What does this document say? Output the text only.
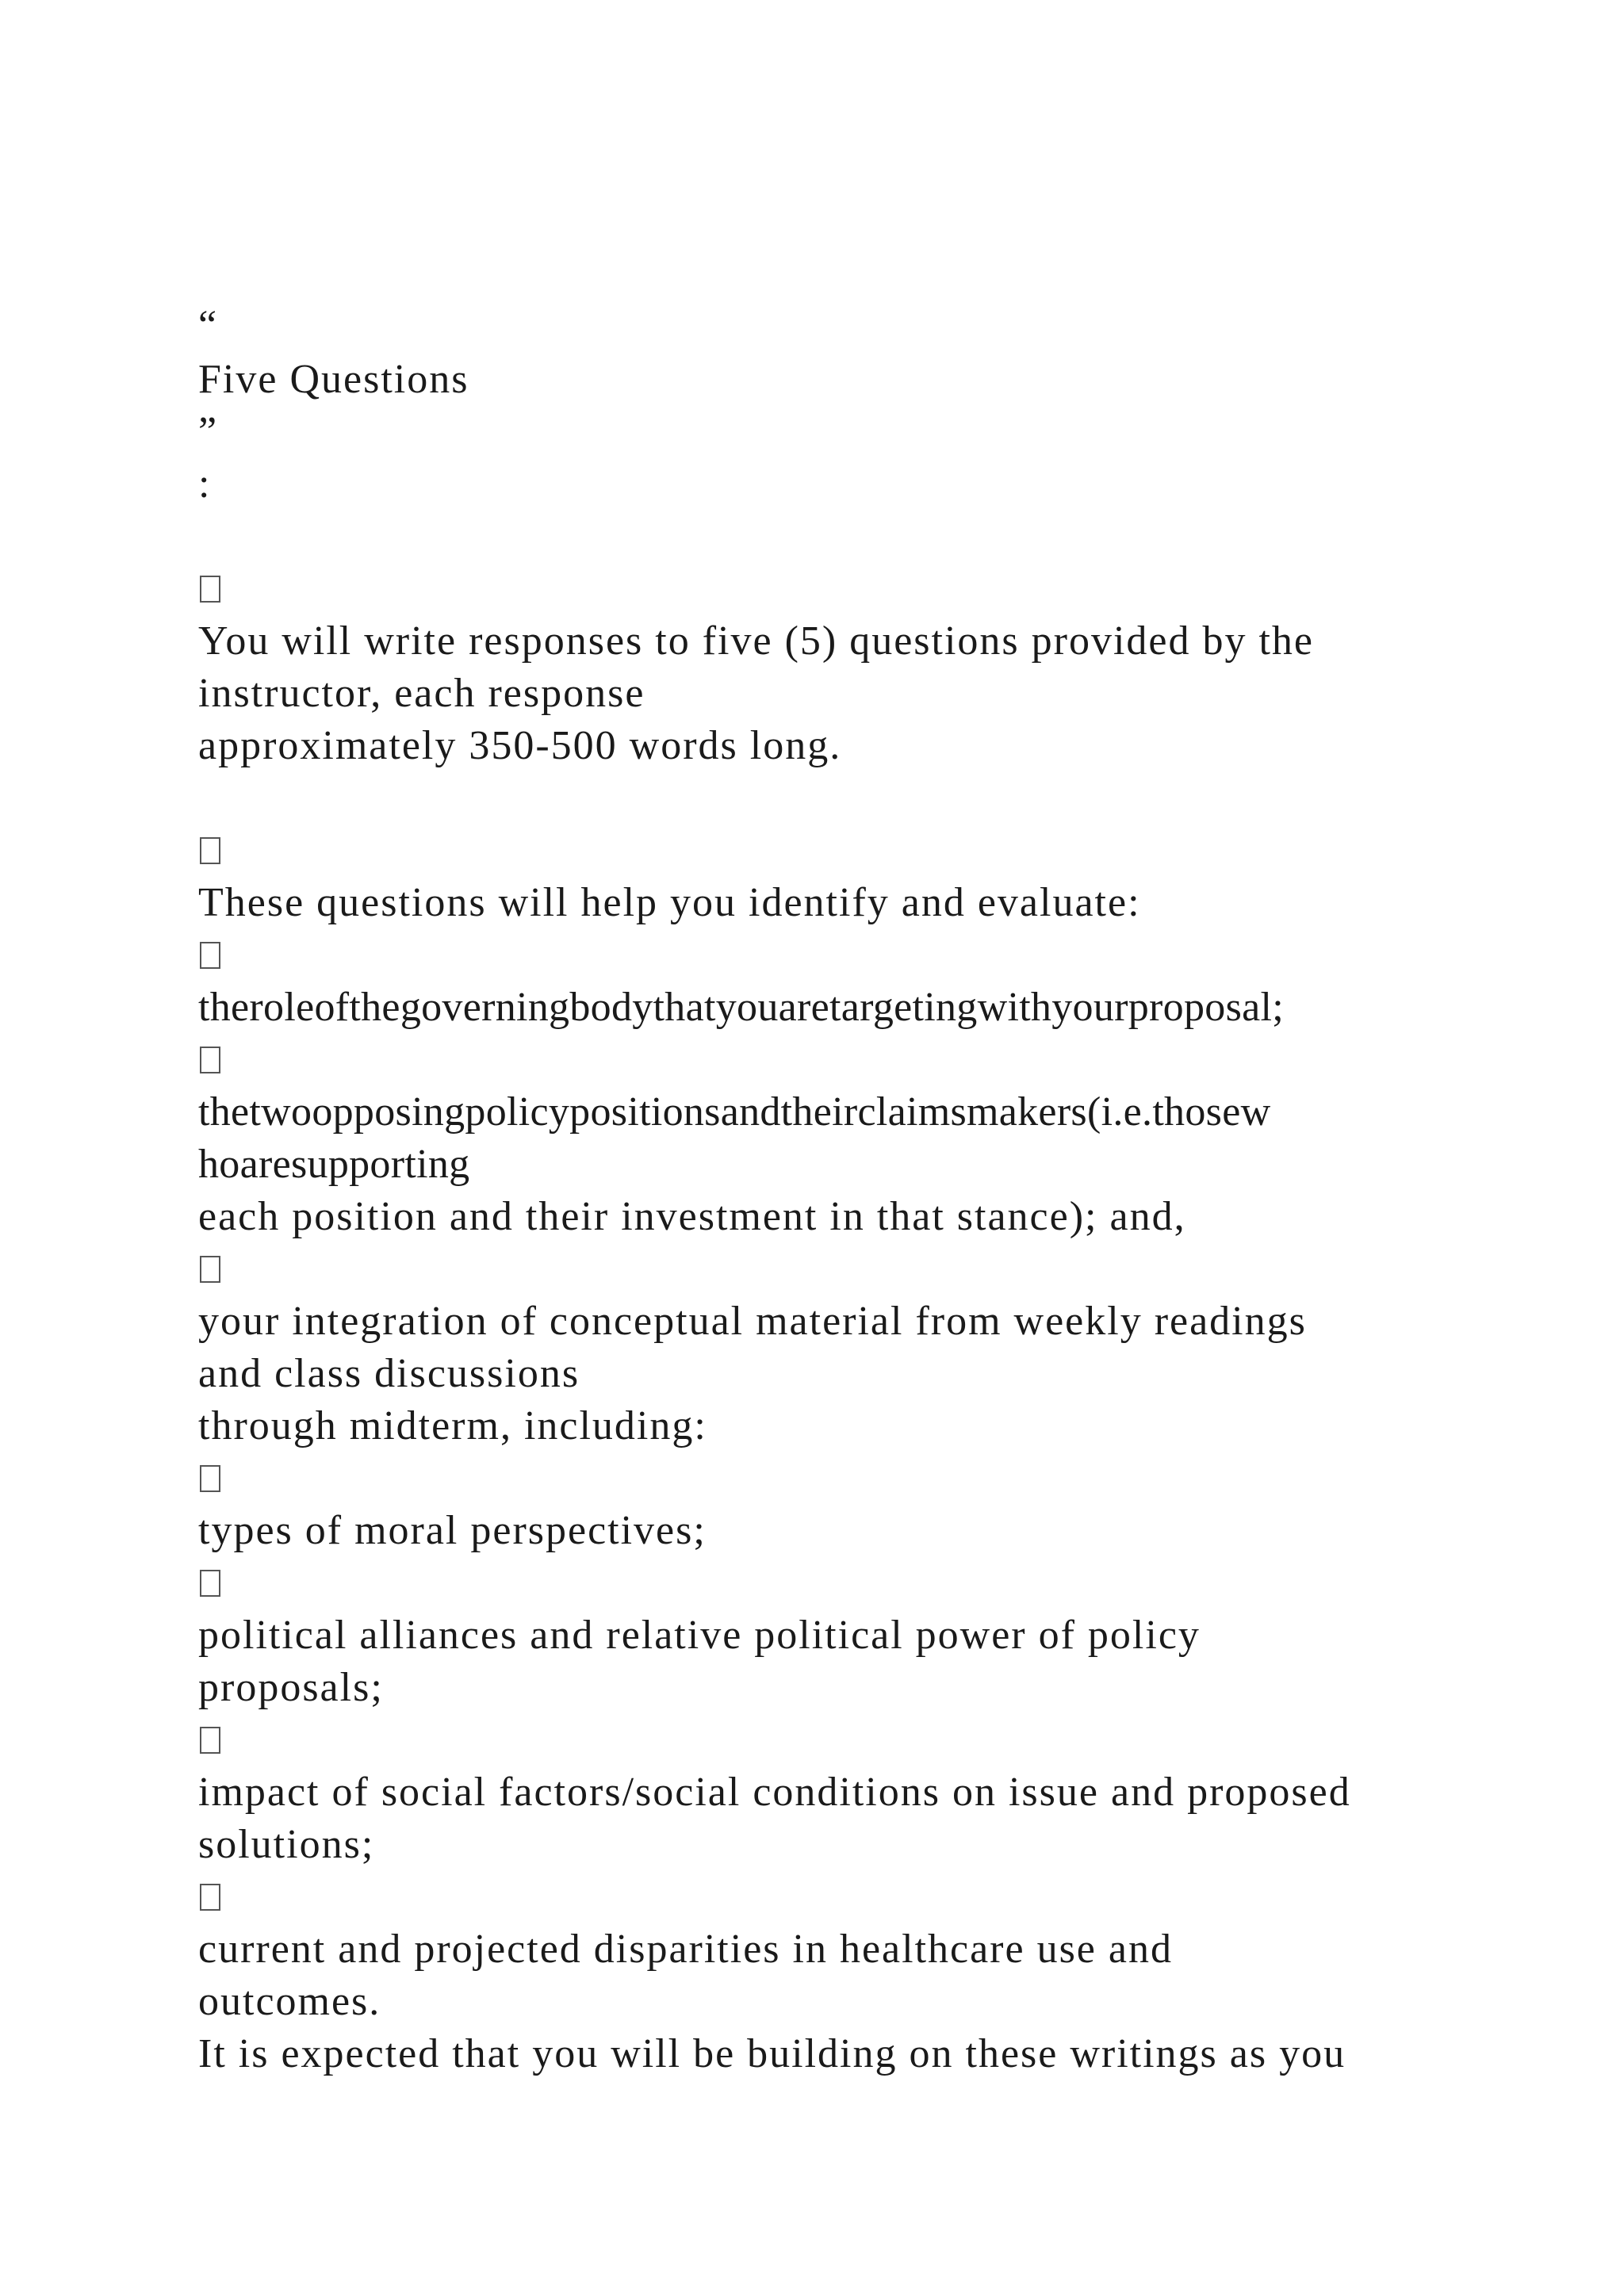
“
Five Questions
”
:
You will write responses to five (5) questions provided by the
instructor, each response
approximately 350-500 words long.
These questions will help you identify and evaluate:
theroleofthegoverningbodythatyouaretargetingwithyourproposal;
thetwoopposingpolicypositionsandtheirclaimsmakers(i.e.thosew
hoaresupporting
each position and their investment in that stance); and,
your integration of conceptual material from weekly readings
and class discussions
through midterm, including:
types of moral perspectives;
political alliances and relative political power of policy
proposals;
impact of social factors/social conditions on issue and proposed
solutions;
current and projected disparities in healthcare use and
outcomes.
It is expected that you will be building on these writings as you
